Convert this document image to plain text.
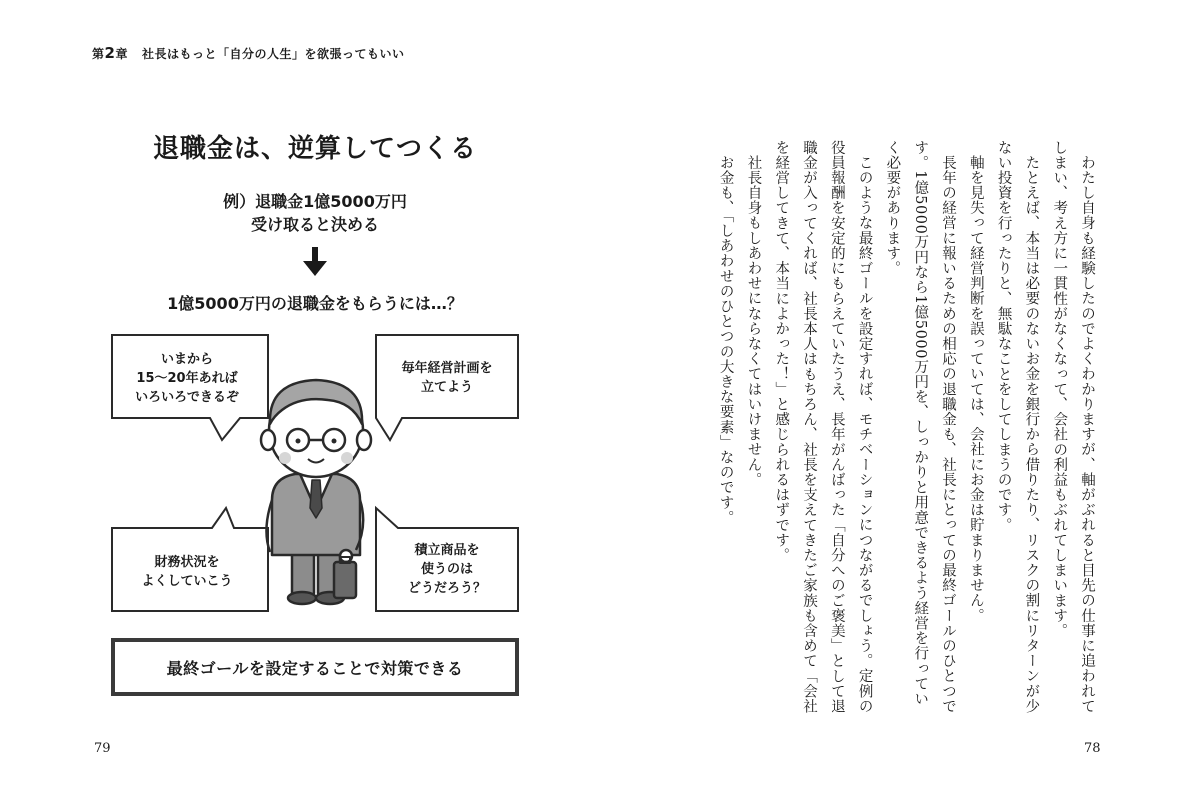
第2章 社長はもっと「自分の人生」を欲張ってもいい
退職金は、逆算してつくる
例）退職金1億5000万円
受け取ると決める
1億5000万円の退職金をもらうには…？
いまから
15〜20年あれば
いろいろできるぞ
毎年経営計画を
立てよう
財務状況を
よくしていこう
積立商品を
使うのは
どうだろう？
最終ゴールを設定することで対策できる
79

わたし自身も経験したのでよくわかりますが、軸がぶれると目先の仕事に追われてしまい、考え方に一貫性がなくなって、会社の利益もぶれてしまいます。

たとえば、本当は必要のないお金を銀行から借りたり、リスクの割にリターンが少ない投資を行ったりと、無駄なことをしてしまうのです。

軸を見失って経営判断を誤っていては、会社にお金は貯まりません。

長年の経営に報いるための相応の退職金も、社長にとっての最終ゴールのひとつです。1億5000万円なら1億5000万円を、しっかりと用意できるよう経営を行っていく必要があります。

このような最終ゴールを設定すれば、モチベーションにつながるでしょう。定例の役員報酬を安定的にもらえていたうえ、長年がんばった「自分へのご褒美」として退職金が入ってくれば、社長本人はもちろん、社長を支えてきたご家族も含めて「会社を経営してきて、本当によかった！」と感じられるはずです。

社長自身もしあわせにならなくてはいけません。

お金も、「しあわせのひとつの大きな要素」なのです。

78
